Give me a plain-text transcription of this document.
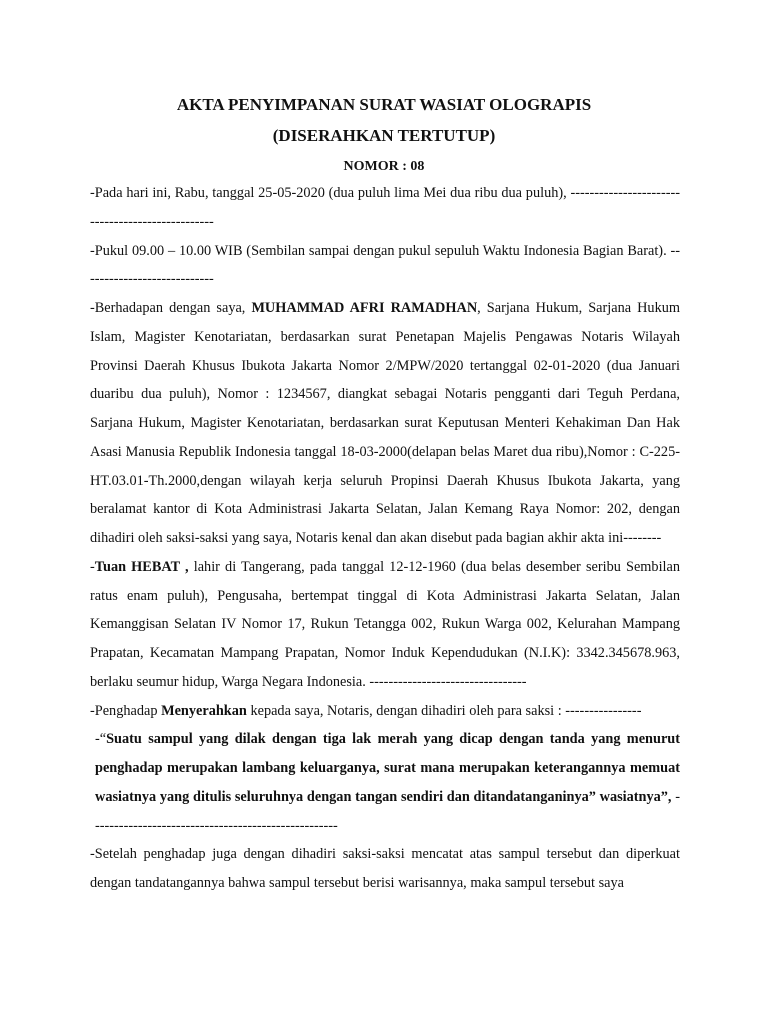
AKTA PENYIMPANAN SURAT WASIAT OLOGRAPIS
(DISERAHKAN TERTUTUP)
NOMOR : 08

-Pada hari ini, Rabu, tanggal 25-05-2020 (dua puluh lima Mei dua ribu dua puluh), -------------------------------------------------

-Pukul 09.00 – 10.00 WIB (Sembilan sampai dengan pukul sepuluh Waktu Indonesia Bagian Barat). ----------------------------

-Berhadapan dengan saya, MUHAMMAD AFRI RAMADHAN, Sarjana Hukum, Sarjana Hukum Islam, Magister Kenotariatan, berdasarkan surat Penetapan Majelis Pengawas Notaris Wilayah Provinsi Daerah Khusus Ibukota Jakarta Nomor 2/MPW/2020 tertanggal 02-01-2020 (dua Januari duaribu dua puluh), Nomor : 1234567, diangkat sebagai Notaris pengganti dari Teguh Perdana, Sarjana Hukum, Magister Kenotariatan, berdasarkan surat Keputusan Menteri Kehakiman Dan Hak Asasi Manusia Republik Indonesia tanggal 18-03-2000(delapan belas Maret dua ribu),Nomor : C-225-HT.03.01-Th.2000,dengan wilayah kerja seluruh Propinsi Daerah Khusus Ibukota Jakarta, yang beralamat kantor di Kota Administrasi Jakarta Selatan, Jalan Kemang Raya Nomor: 202, dengan dihadiri oleh saksi-saksi yang saya, Notaris kenal dan akan disebut pada bagian akhir akta ini--------

-Tuan HEBAT , lahir di Tangerang, pada tanggal 12-12-1960 (dua belas desember seribu Sembilan ratus enam puluh), Pengusaha, bertempat tinggal di Kota Administrasi Jakarta Selatan, Jalan Kemanggisan Selatan IV Nomor 17, Rukun Tetangga 002, Rukun Warga 002, Kelurahan Mampang Prapatan, Kecamatan Mampang Prapatan, Nomor Induk Kependudukan (N.I.K): 3342.345678.963, berlaku seumur hidup, Warga Negara Indonesia. ---------------------------------

-Penghadap Menyerahkan kepada saya, Notaris, dengan dihadiri oleh para saksi : ----------------

-“Suatu sampul yang dilak dengan tiga lak merah yang dicap dengan tanda yang menurut penghadap merupakan lambang keluarganya, surat mana merupakan keterangannya memuat wasiatnya yang ditulis seluruhnya dengan tangan sendiri dan ditandatanganinya” wasiatnya”, ----------------------------------------------------

-Setelah penghadap juga dengan dihadiri saksi-saksi mencatat atas sampul tersebut dan diperkuat dengan tandatangannya bahwa sampul tersebut berisi warisannya, maka sampul tersebut saya
